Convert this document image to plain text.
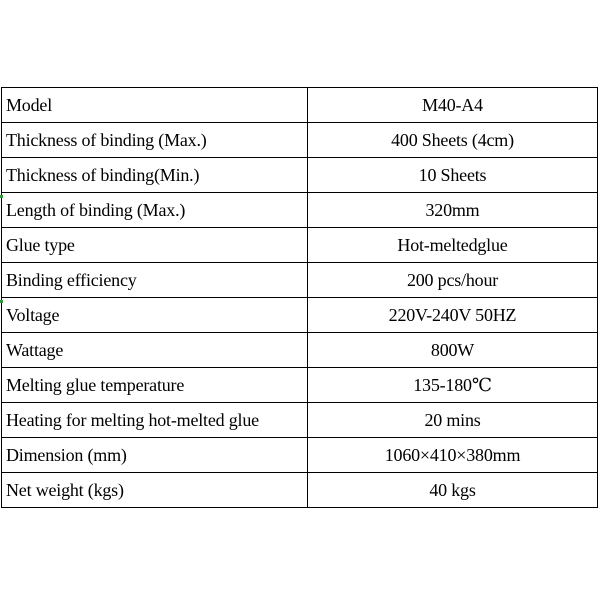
Model	M40-A4
Thickness of binding (Max.)	400 Sheets (4cm)
Thickness of binding(Min.)	10 Sheets
Length of binding (Max.)	320mm
Glue type	Hot-meltedglue
Binding efficiency	200 pcs/hour
Voltage	220V-240V 50HZ
Wattage	800W
Melting glue temperature	135-180℃
Heating for melting hot-melted glue	20 mins
Dimension (mm)	1060×410×380mm
Net weight (kgs)	40 kgs
